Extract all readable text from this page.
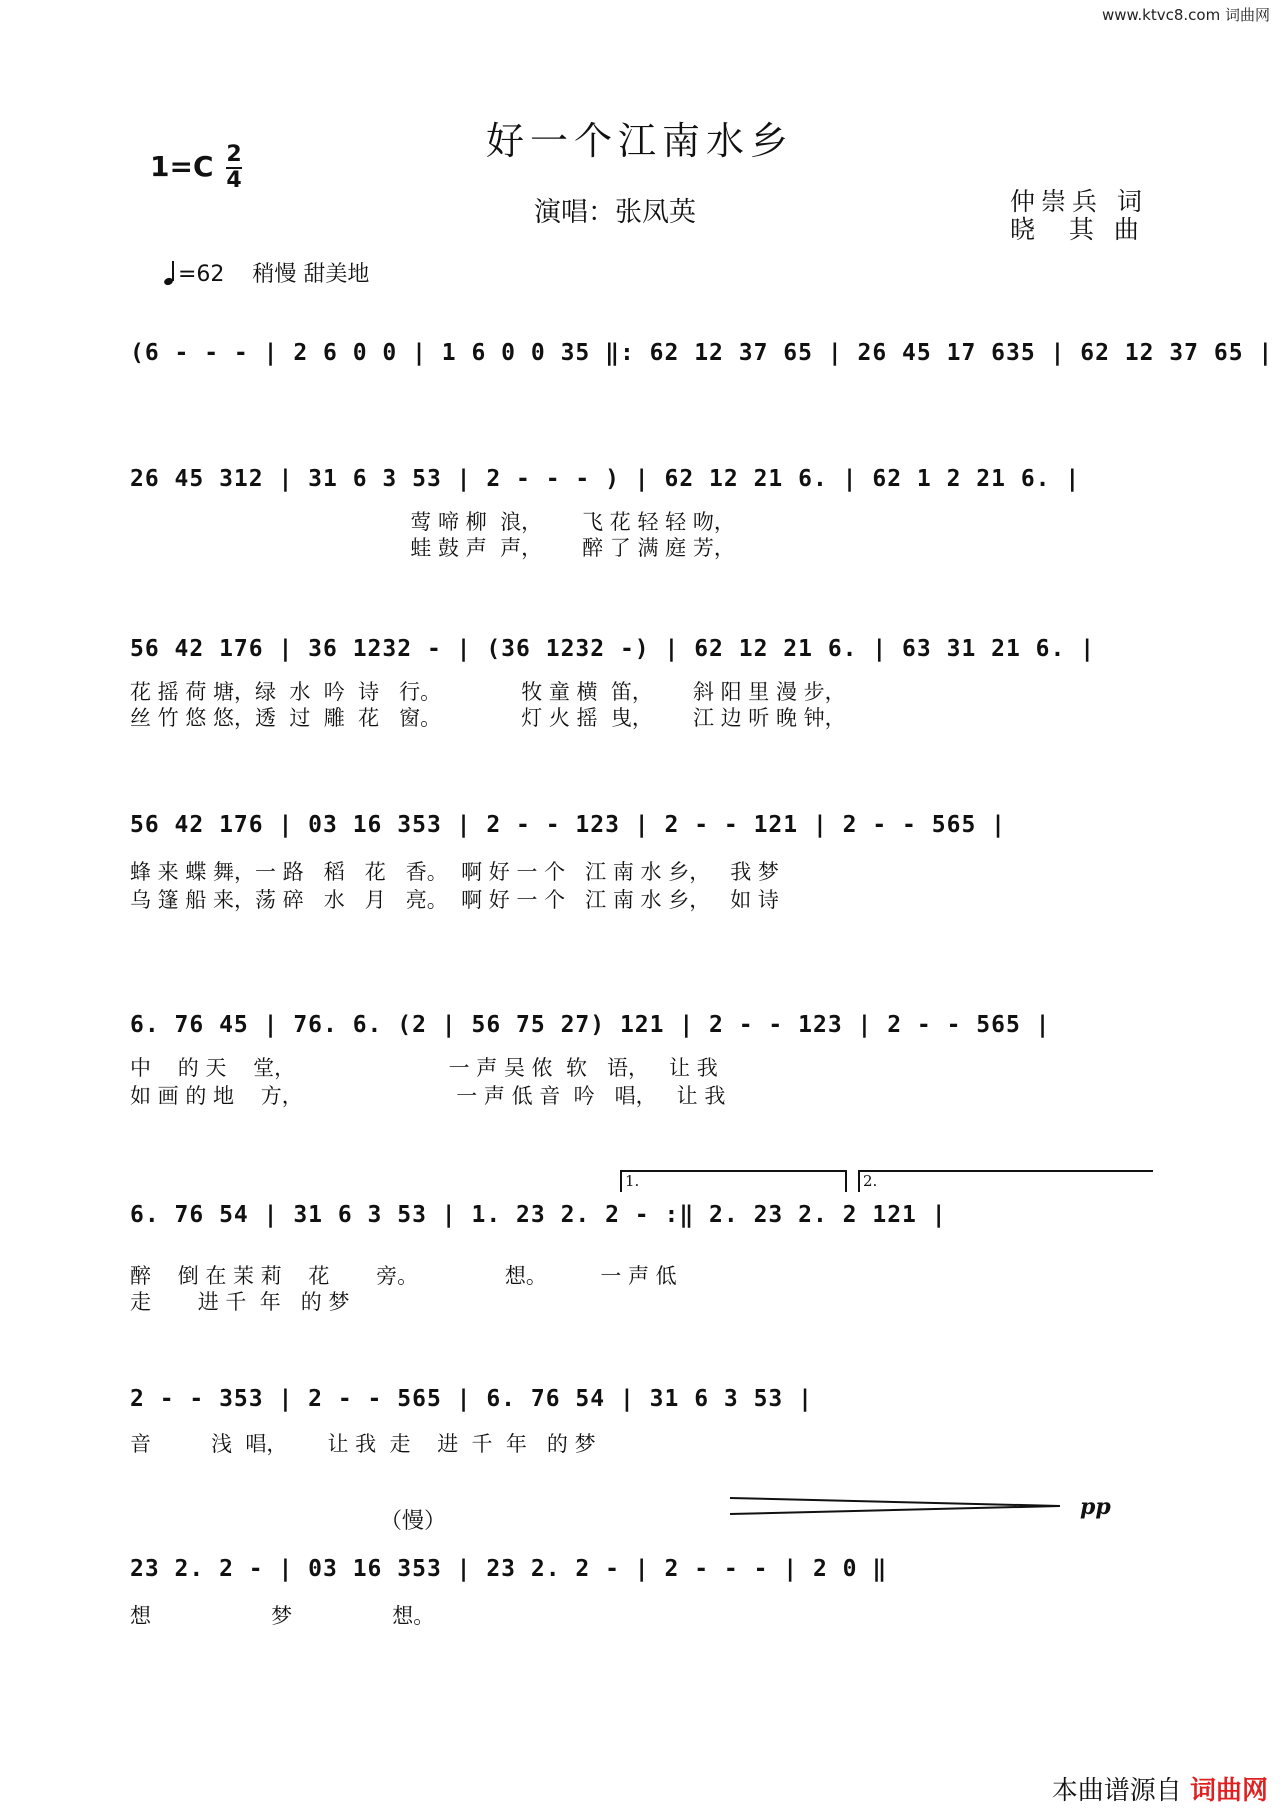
www.ktvc8.com 词曲网
好一个江南水乡
1=C 2
4
演唱：张凤英	仲崇兵 词
晓  其 曲

=62 稍慢 甜美地

(6 - - - | 2 6 0 0 | 1 6 0 0 35 ‖: 62 12 37 65 | 26 45 17 635 | 62 12 37 65 |
26 45 312 | 31 6 3 53 | 2 - - - ) | 62 12 21 6. | 62 1 2 21 6. |
莺 啼 柳  浪，      飞 花 轻 轻 吻，
蛙 鼓 声  声，      醉 了 满 庭 芳，
56 42 176 | 36 1232 - | (36 1232 -) | 62 12 21 6. | 63 31 21 6. |
花 摇 荷 塘，绿  水  吟  诗   行。            牧 童 横  笛，      斜 阳 里 漫 步，
丝 竹 悠 悠，透  过  雕  花   窗。            灯 火 摇  曳，      江 边 听 晚 钟，
56 42 176 | 03 16 353 | 2 - - 123 | 2 - - 121 | 2 - - 565 |
蜂 来 蝶 舞，一 路   稻   花   香。  啊 好 一 个   江 南 水 乡，   我 梦
乌 篷 船 来，荡 碎   水   月   亮。  啊 好 一 个   江 南 水 乡，   如 诗
6. 76 45 | 76. 6. (2 | 56 75 27) 121 | 2 - - 123 | 2 - - 565 |
中    的 天    堂，                       一 声 吴 侬  软   语，   让 我
如 画 的 地    方，                       一 声 低 音  吟   唱，   让 我
1.	2.
6. 76 54 | 31 6 3 53 | 1. 23 2. 2 - :‖ 2. 23 2. 2 121 |
醉    倒 在 茉 莉    花       旁。             想。        一 声 低
走       进 千  年   的 梦
2 - - 353 | 2 - - 565 | 6. 76 54 | 31 6 3 53 |
音         浅  唱，      让 我  走    进  千  年   的 梦
（慢）
pp
23 2. 2 - | 03 16 353 | 23 2. 2 - | 2 - - - | 2 0 ‖
想                  梦               想。
本曲谱源自 词曲网
